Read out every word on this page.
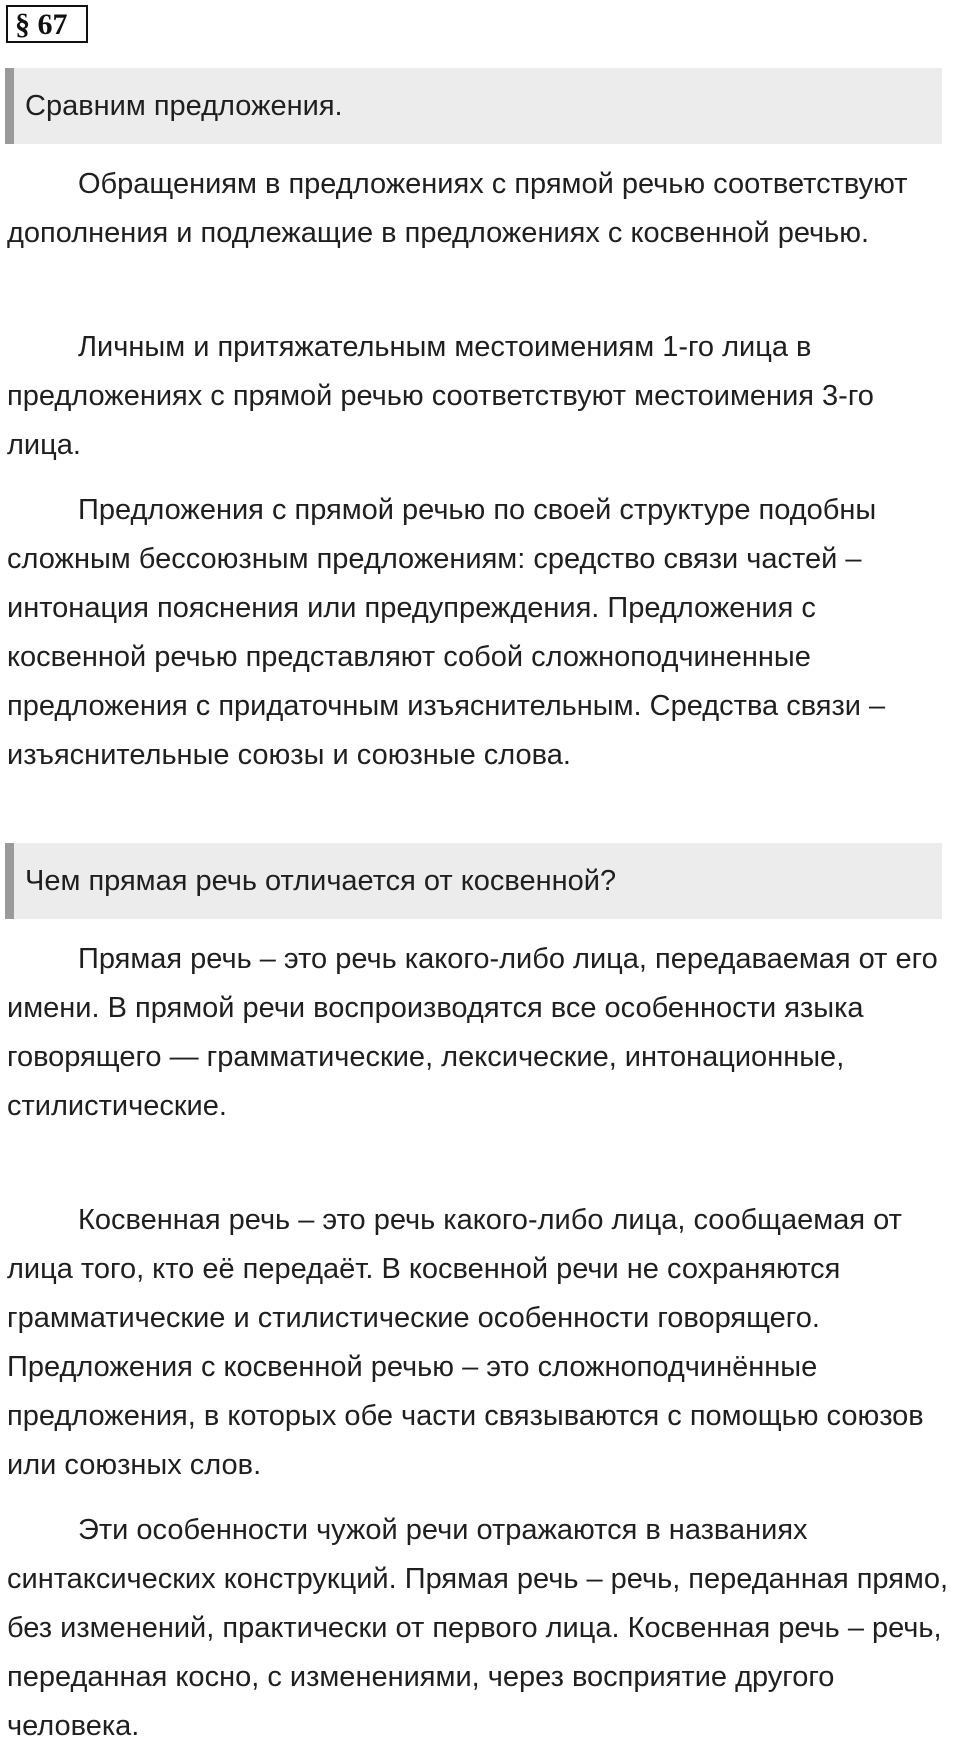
§ 67
Сравним предложения.

Обращениям в предложениях с прямой речью соответствуют дополнения и подлежащие в предложениях с косвенной речью.

Личным и притяжательным местоимениям 1-го лица в предложениях с прямой речью соответствуют местоимения 3-го лица.

Предложения с прямой речью по своей структуре подобны сложным бессоюзным предложениям: средство связи частей – интонация пояснения или предупреждения. Предложения с косвенной речью представляют собой сложноподчиненные предложения с придаточным изъяснительным. Средства связи – изъяснительные союзы и союзные слова.

Чем прямая речь отличается от косвенной?

Прямая речь – это речь какого-либо лица, передаваемая от его имени. В прямой речи воспроизводятся все особенности языка говорящего — грамматические, лексические, интонационные, стилистические.

Косвенная речь – это речь какого-либо лица, сообщаемая от лица того, кто её передаёт. В косвенной речи не сохраняются грамматические и стилистические особенности говорящего. Предложения с косвенной речью – это сложноподчинённые предложения, в которых обе части связываются с помощью союзов или союзных слов.

Эти особенности чужой речи отражаются в названиях синтаксических конструкций. Прямая речь – речь, переданная прямо, без изменений, практически от первого лица. Косвенная речь – речь, переданная косно, с изменениями, через восприятие другого человека.
